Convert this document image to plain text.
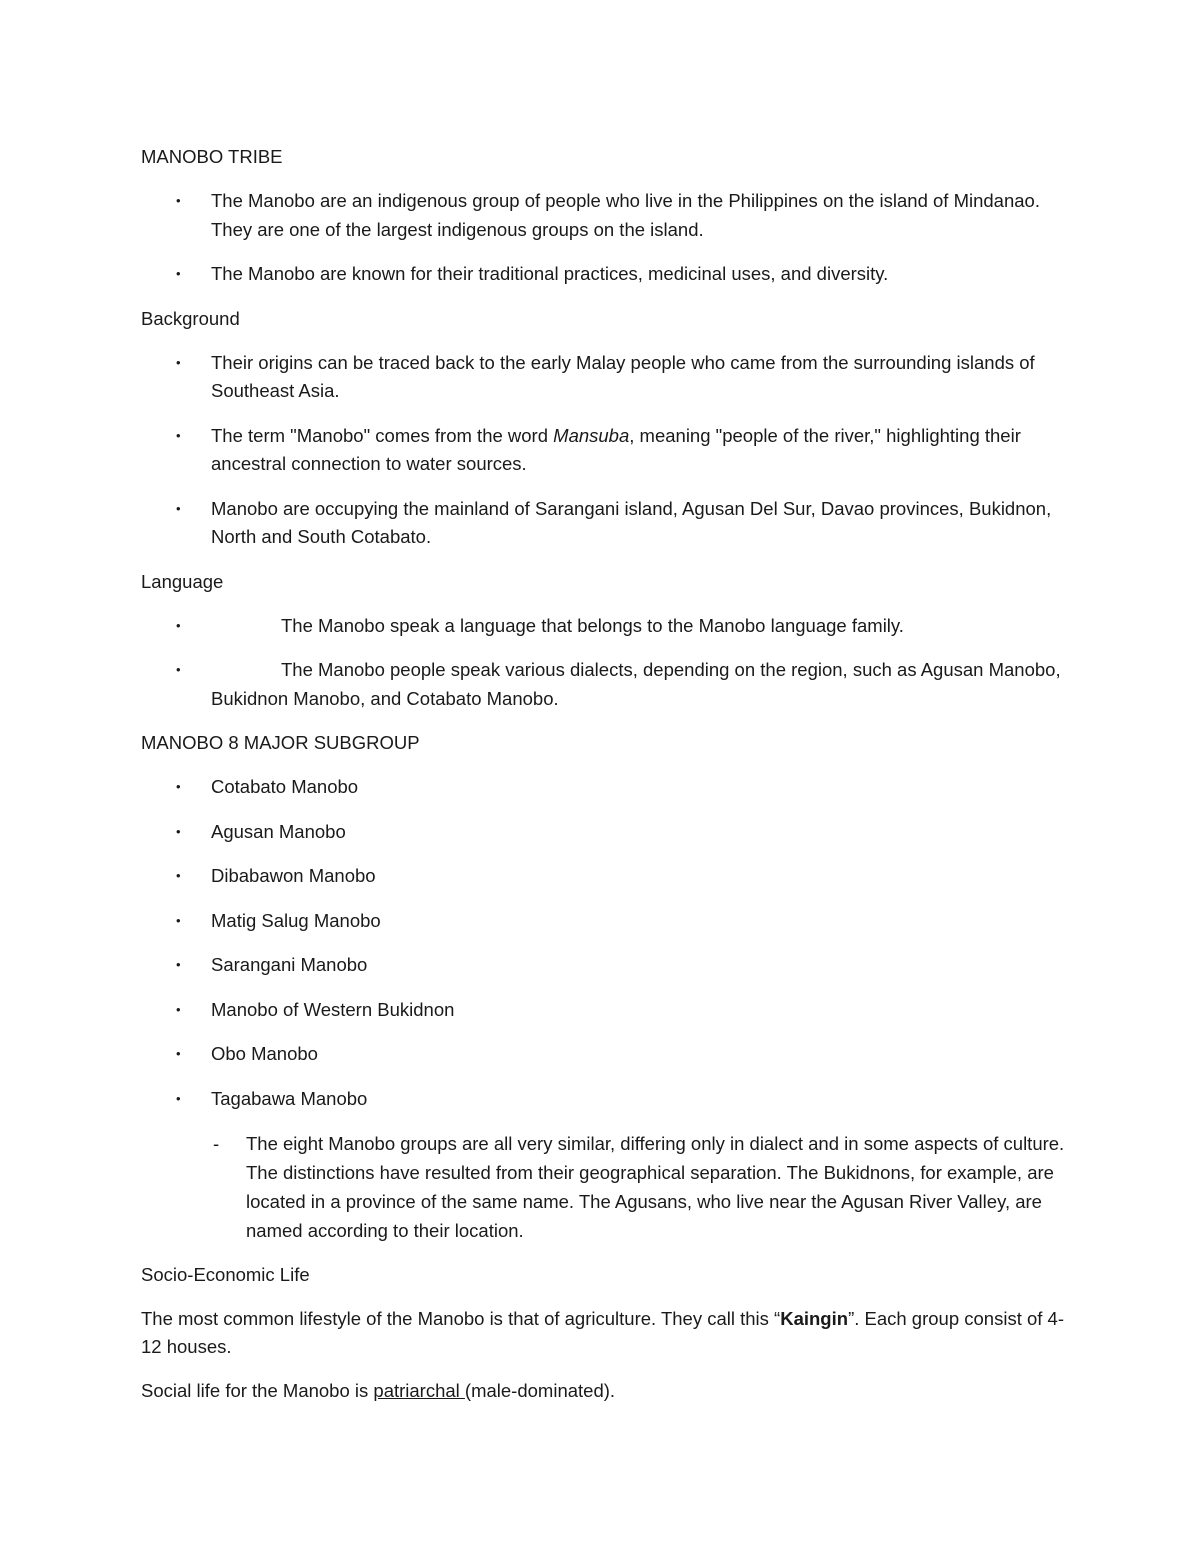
MANOBO TRIBE
• The Manobo are an indigenous group of people who live in the Philippines on the island of Mindanao. They are one of the largest indigenous groups on the island.
• The Manobo are known for their traditional practices, medicinal uses, and diversity.
Background
• Their origins can be traced back to the early Malay people who came from the surrounding islands of Southeast Asia.
• The term "Manobo" comes from the word Mansuba, meaning "people of the river," highlighting their ancestral connection to water sources.
• Manobo are occupying the mainland of Sarangani island, Agusan Del Sur, Davao provinces, Bukidnon, North and South Cotabato.
Language
•	The Manobo speak a language that belongs to the Manobo language family.
•	The Manobo people speak various dialects, depending on the region, such as Agusan Manobo, Bukidnon Manobo, and Cotabato Manobo.
MANOBO 8 MAJOR SUBGROUP
• Cotabato Manobo
• Agusan Manobo
• Dibabawon Manobo
• Matig Salug Manobo
• Sarangani Manobo
• Manobo of Western Bukidnon
• Obo Manobo
• Tagabawa Manobo
- The eight Manobo groups are all very similar, differing only in dialect and in some aspects of culture. The distinctions have resulted from their geographical separation. The Bukidnons, for example, are located in a province of the same name. The Agusans, who live near the Agusan River Valley, are named according to their location.
Socio-Economic Life
The most common lifestyle of the Manobo is that of agriculture. They call this “Kaingin”. Each group consist of 4-12 houses.
Social life for the Manobo is patriarchal (male-dominated).
